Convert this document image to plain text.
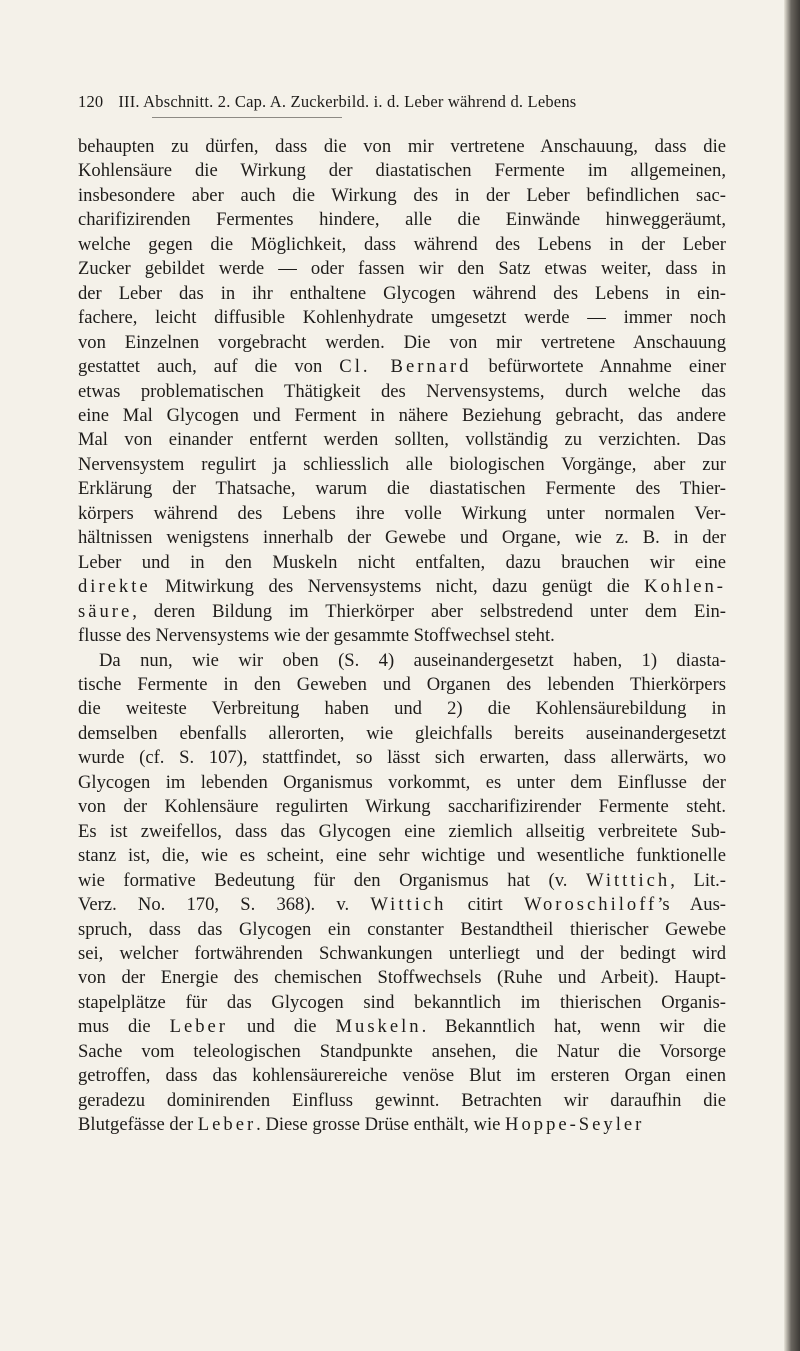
120 III. Abschnitt. 2. Cap. A. Zuckerbild. i. d. Leber während d. Lebens
behaupten zu dürfen, dass die von mir vertretene Anschauung, dass die
Kohlensäure die Wirkung der diastatischen Fermente im allgemeinen,
insbesondere aber auch die Wirkung des in der Leber befindlichen sac-
charifizirenden Fermentes hindere, alle die Einwände hinweggeräumt,
welche gegen die Möglichkeit, dass während des Lebens in der Leber
Zucker gebildet werde — oder fassen wir den Satz etwas weiter, dass in
der Leber das in ihr enthaltene Glycogen während des Lebens in ein-
fachere, leicht diffusible Kohlenhydrate umgesetzt werde — immer noch
von Einzelnen vorgebracht werden. Die von mir vertretene Anschauung
gestattet auch, auf die von Cl. Bernard befürwortete Annahme einer
etwas problematischen Thätigkeit des Nervensystems, durch welche das
eine Mal Glycogen und Ferment in nähere Beziehung gebracht, das andere
Mal von einander entfernt werden sollten, vollständig zu verzichten. Das
Nervensystem regulirt ja schliesslich alle biologischen Vorgänge, aber zur
Erklärung der Thatsache, warum die diastatischen Fermente des Thier-
körpers während des Lebens ihre volle Wirkung unter normalen Ver-
hältnissen wenigstens innerhalb der Gewebe und Organe, wie z. B. in der
Leber und in den Muskeln nicht entfalten, dazu brauchen wir eine
direkte Mitwirkung des Nervensystems nicht, dazu genügt die Kohlen-
säure, deren Bildung im Thierkörper aber selbstredend unter dem Ein-
flusse des Nervensystems wie der gesammte Stoffwechsel steht.
Da nun, wie wir oben (S. 4) auseinandergesetzt haben, 1) diasta-
tische Fermente in den Geweben und Organen des lebenden Thierkörpers
die weiteste Verbreitung haben und 2) die Kohlensäurebildung in
demselben ebenfalls allerorten, wie gleichfalls bereits auseinandergesetzt
wurde (cf. S. 107), stattfindet, so lässt sich erwarten, dass allerwärts, wo
Glycogen im lebenden Organismus vorkommt, es unter dem Einflusse der
von der Kohlensäure regulirten Wirkung saccharifizirender Fermente steht.
Es ist zweifellos, dass das Glycogen eine ziemlich allseitig verbreitete Sub-
stanz ist, die, wie es scheint, eine sehr wichtige und wesentliche funktionelle
wie formative Bedeutung für den Organismus hat (v. Witttich, Lit.-
Verz. No. 170, S. 368). v. Wittich citirt Woroschiloff’s Aus-
spruch, dass das Glycogen ein constanter Bestandtheil thierischer Gewebe
sei, welcher fortwährenden Schwankungen unterliegt und der bedingt wird
von der Energie des chemischen Stoffwechsels (Ruhe und Arbeit). Haupt-
stapelplätze für das Glycogen sind bekanntlich im thierischen Organis-
mus die Leber und die Muskeln. Bekanntlich hat, wenn wir die
Sache vom teleologischen Standpunkte ansehen, die Natur die Vorsorge
getroffen, dass das kohlensäurereiche venöse Blut im ersteren Organ einen
geradezu dominirenden Einfluss gewinnt. Betrachten wir daraufhin die
Blutgefässe der Leber. Diese grosse Drüse enthält, wie Hoppe-Seyler
